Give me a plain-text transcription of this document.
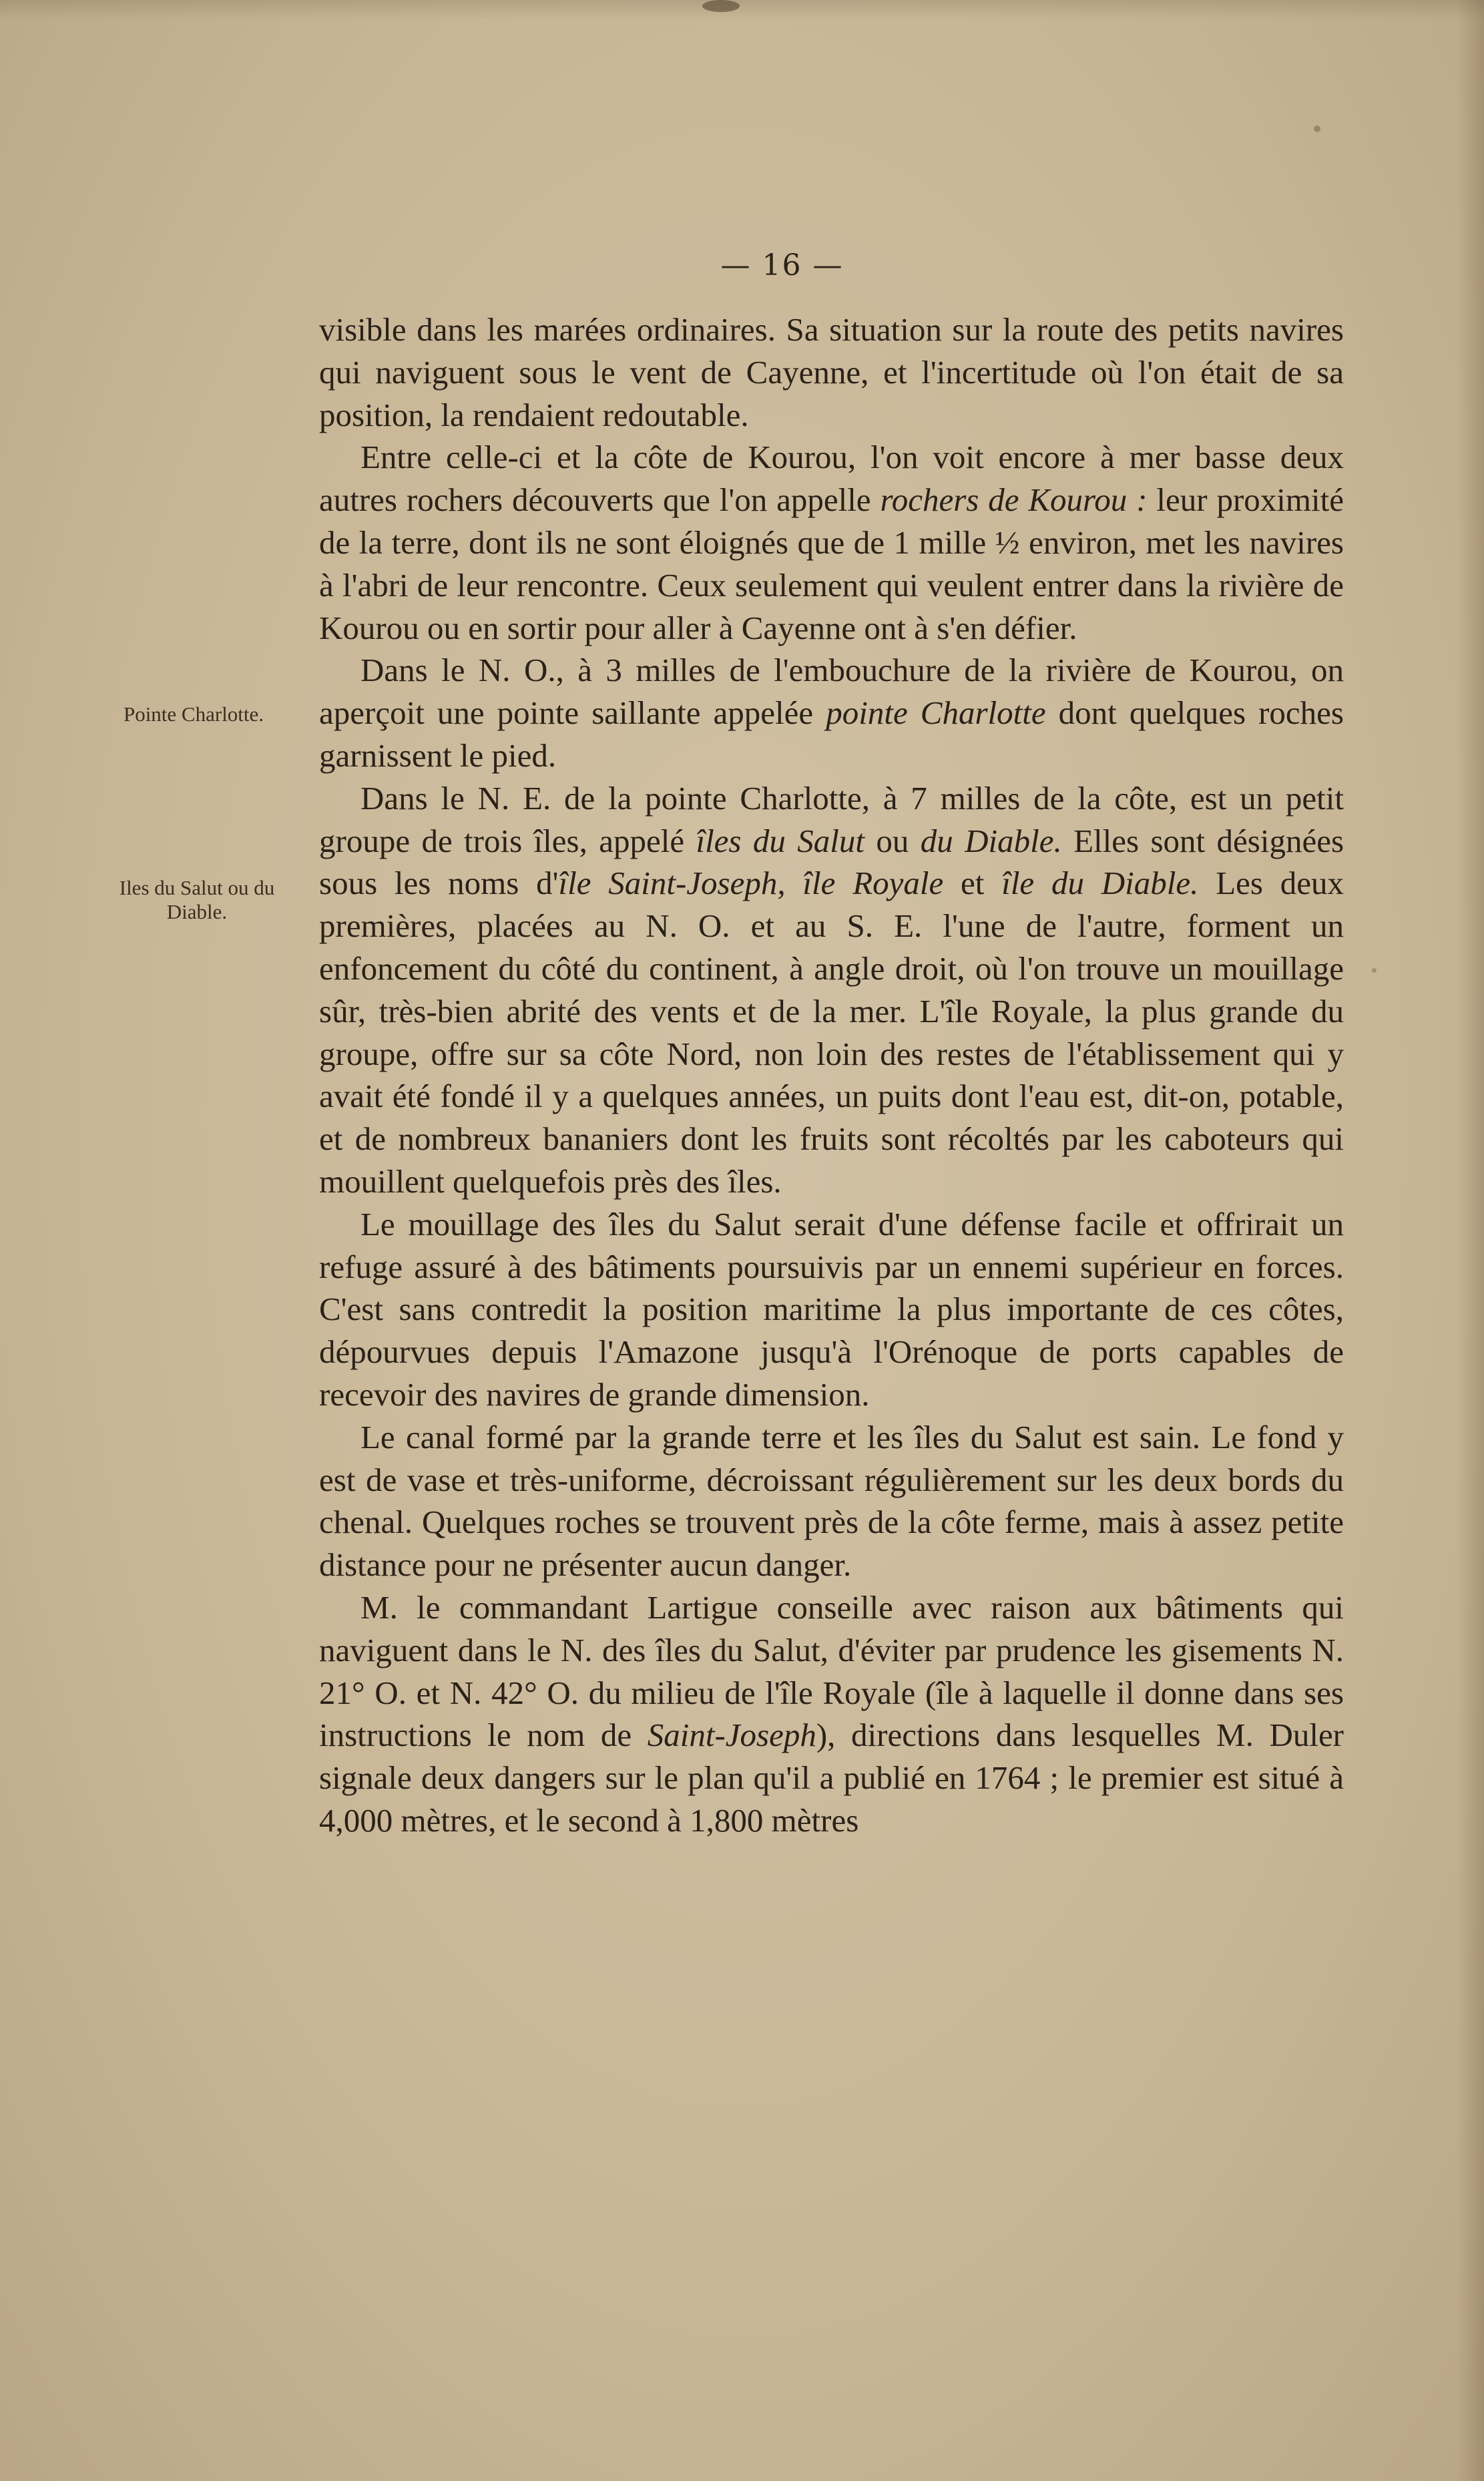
— 16 —
Pointe Charlotte.
Iles du Salut ou du Diable.

visible dans les marées ordinaires. Sa situation sur la route des petits navires qui naviguent sous le vent de Cayenne, et l'incertitude où l'on était de sa position, la rendaient redoutable.

Entre celle-ci et la côte de Kourou, l'on voit encore à mer basse deux autres rochers découverts que l'on appelle rochers de Kourou : leur proximité de la terre, dont ils ne sont éloignés que de 1 mille ½ environ, met les navires à l'abri de leur rencontre. Ceux seulement qui veulent entrer dans la rivière de Kourou ou en sortir pour aller à Cayenne ont à s'en défier.

Dans le N. O., à 3 milles de l'embouchure de la rivière de Kourou, on aperçoit une pointe saillante appelée pointe Charlotte dont quelques roches garnissent le pied.

Dans le N. E. de la pointe Charlotte, à 7 milles de la côte, est un petit groupe de trois îles, appelé îles du Salut ou du Diable. Elles sont désignées sous les noms d'île Saint-Joseph, île Royale et île du Diable. Les deux premières, placées au N. O. et au S. E. l'une de l'autre, forment un enfoncement du côté du continent, à angle droit, où l'on trouve un mouillage sûr, très-bien abrité des vents et de la mer. L'île Royale, la plus grande du groupe, offre sur sa côte Nord, non loin des restes de l'établissement qui y avait été fondé il y a quelques années, un puits dont l'eau est, dit-on, potable, et de nombreux bananiers dont les fruits sont récoltés par les caboteurs qui mouillent quelquefois près des îles.

Le mouillage des îles du Salut serait d'une défense facile et offrirait un refuge assuré à des bâtiments poursuivis par un ennemi supérieur en forces. C'est sans contredit la position maritime la plus importante de ces côtes, dépourvues depuis l'Amazone jusqu'à l'Orénoque de ports capables de recevoir des navires de grande dimension.

Le canal formé par la grande terre et les îles du Salut est sain. Le fond y est de vase et très-uniforme, décroissant régulièrement sur les deux bords du chenal. Quelques roches se trouvent près de la côte ferme, mais à assez petite distance pour ne présenter aucun danger.

M. le commandant Lartigue conseille avec raison aux bâtiments qui naviguent dans le N. des îles du Salut, d'éviter par prudence les gisements N. 21° O. et N. 42° O. du milieu de l'île Royale (île à laquelle il donne dans ses instructions le nom de Saint-Joseph), directions dans lesquelles M. Duler signale deux dangers sur le plan qu'il a publié en 1764 ; le premier est situé à 4,000 mètres, et le second à 1,800 mètres
